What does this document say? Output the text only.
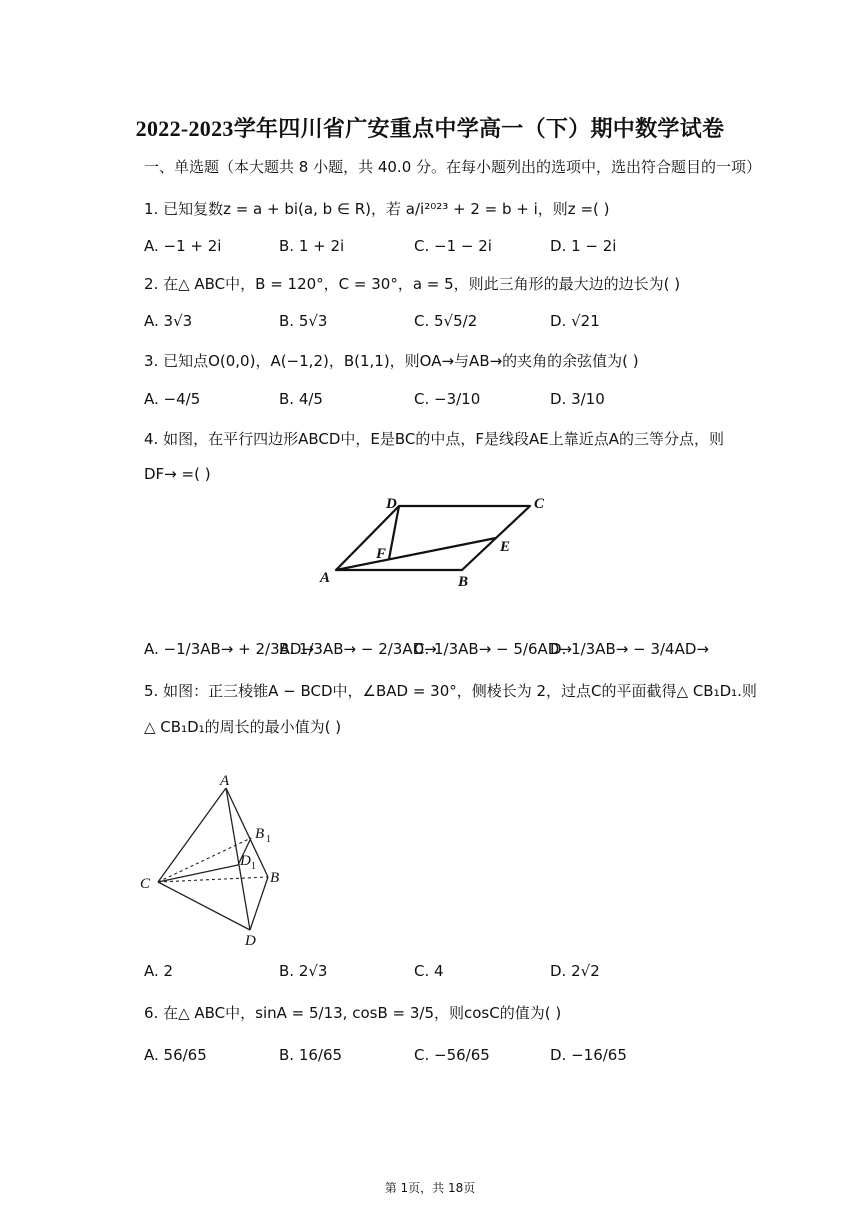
2022-2023学年四川省广安重点中学高一（下）期中数学试卷
一、单选题（本大题共 8 小题，共 40.0 分。在每小题列出的选项中，选出符合题目的一项）
1. 已知复数z = a + bi(a, b ∈ R)，若 a/i²⁰²³ + 2 = b + i，则z =( )
A. −1 + 2i	B. 1 + 2i	C. −1 − 2i	D. 1 − 2i
2. 在△ ABC中，B = 120°，C = 30°，a = 5，则此三角形的最大边的边长为( )
A. 3√3	B. 5√3	C. 5√5/2	D. √21
3. 已知点O(0,0)，A(−1,2)，B(1,1)，则OA→与AB→的夹角的余弦值为( )
A. −4/5	B. 4/5	C. −3/10	D. 3/10
4. 如图，在平行四边形ABCD中，E是BC的中点，F是线段AE上靠近点A的三等分点，则
DF→ =( )
A	B
C
D
E
F
A. −1/3AB→ + 2/3AD→
B. 1/3AB→ − 2/3AD→
C. 1/3AB→ − 5/6AD→
D. 1/3AB→ − 3/4AD→
5. 如图：正三棱锥A − BCD中，∠BAD = 30°，侧棱长为 2，过点C的平面截得△ CB₁D₁.则
△ CB₁D₁的周长的最小值为( )
A
B
C
D
B 1
D 1
A. 2	B. 2√3	C. 4	D. 2√2
6. 在△ ABC中，sinA = 5/13, cosB = 3/5，则cosC的值为( )
A. 56/65	B. 16/65	C. −56/65	D. −16/65
第 1页，共 18页
